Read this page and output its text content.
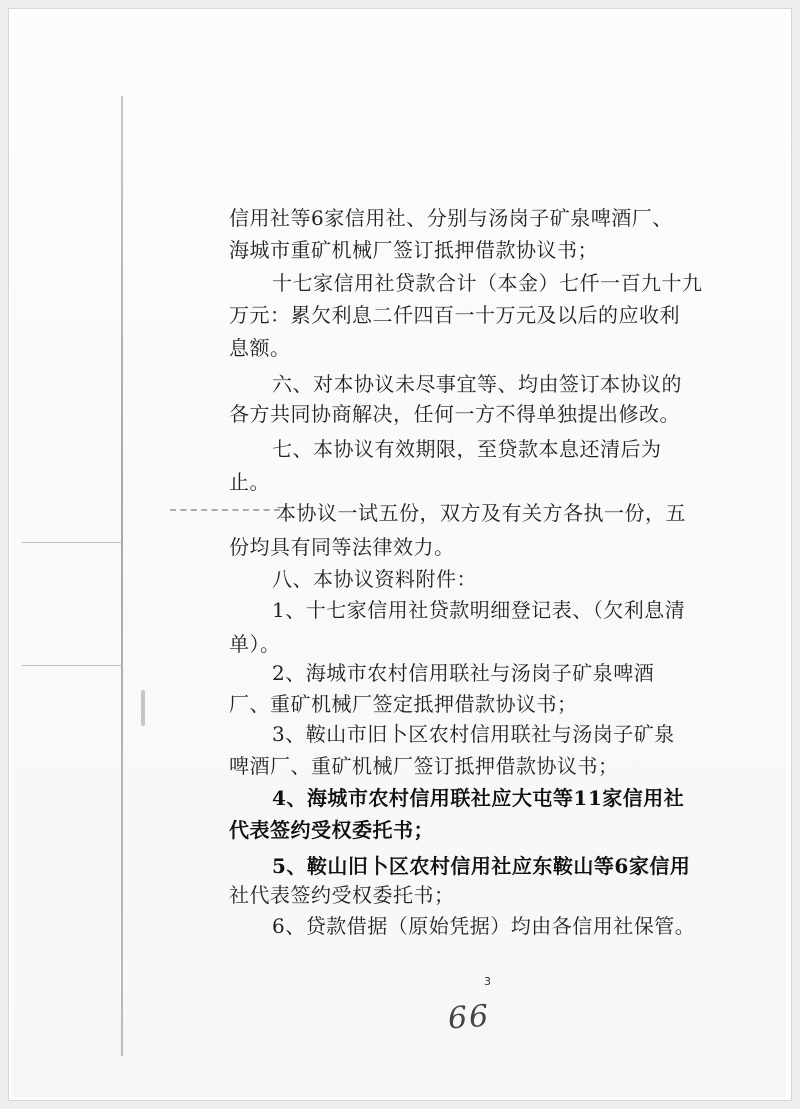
信用社等6家信用社、分别与汤岗子矿泉啤酒厂、

海城市重矿机械厂签订抵押借款协议书；

十七家信用社贷款合计（本金）七仟一百九十九

万元：累欠利息二仟四百一十万元及以后的应收利

息额。

六、对本协议未尽事宜等、均由签订本协议的

各方共同协商解决，任何一方不得单独提出修改。

七、本协议有效期限，至贷款本息还清后为

止。

本协议一试五份，双方及有关方各执一份，五

份均具有同等法律效力。

八、本协议资料附件：

1、十七家信用社贷款明细登记表、（欠利息清

单）。

2、海城市农村信用联社与汤岗子矿泉啤酒

厂、重矿机械厂签定抵押借款协议书；

3、鞍山市旧卜区农村信用联社与汤岗子矿泉

啤酒厂、重矿机械厂签订抵押借款协议书；

4、海城市农村信用联社应大屯等11家信用社

代表签约受权委托书；

5、鞍山旧卜区农村信用社应东鞍山等6家信用

社代表签约受权委托书；

6、贷款借据（原始凭据）均由各信用社保管。

3
66
